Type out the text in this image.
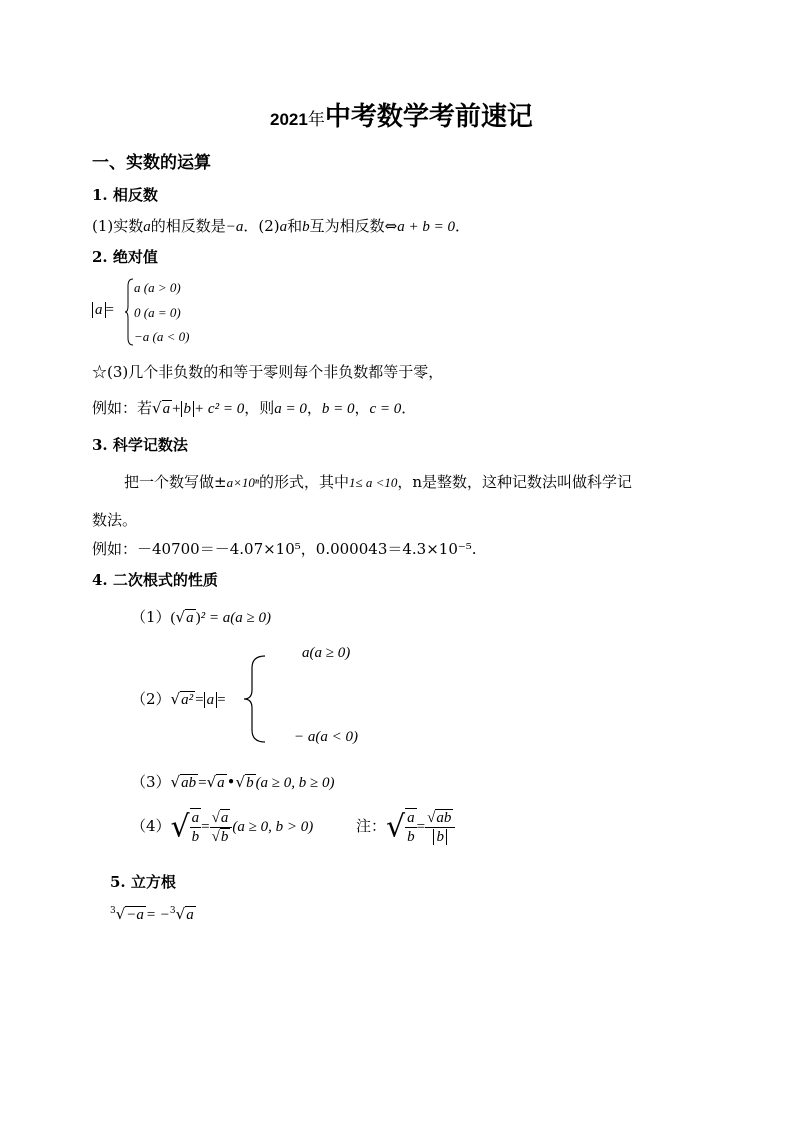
2021年中考数学考前速记
一、实数的运算
1. 相反数
(1)实数a的相反数是−a．(2)a和b互为相反数⇔a + b = 0．
2. 绝对值
a =
a (a > 0)
0 (a = 0)
−a (a < 0)
☆(3)几个非负数的和等于零则每个非负数都等于零，
例如：若√a + b + c² = 0，则a = 0，b = 0，c = 0．
3. 科学记数法
把一个数写做±a×10ⁿ的形式，其中1≤ a <10，n是整数，这种记数法叫做科学记
数法。
例如：－40700＝－4.07×10⁵，0.000043＝4.3×10⁻⁵.
4. 二次根式的性质
（1）(√a )² = a(a ≥ 0)
（2）√a² = a =
a(a ≥ 0)
− a(a < 0)
（3）√ab =√a •√b (a ≥ 0, b ≥ 0)
$(4)√ \frac{a}{b} = \frac{√a}{√b} (a \ge 0$, b > 0)	注：√ $\frac{a}{b} = \frac{√ab}{b}$
5. 立方根
$^3$√−a = −$^3$√a
